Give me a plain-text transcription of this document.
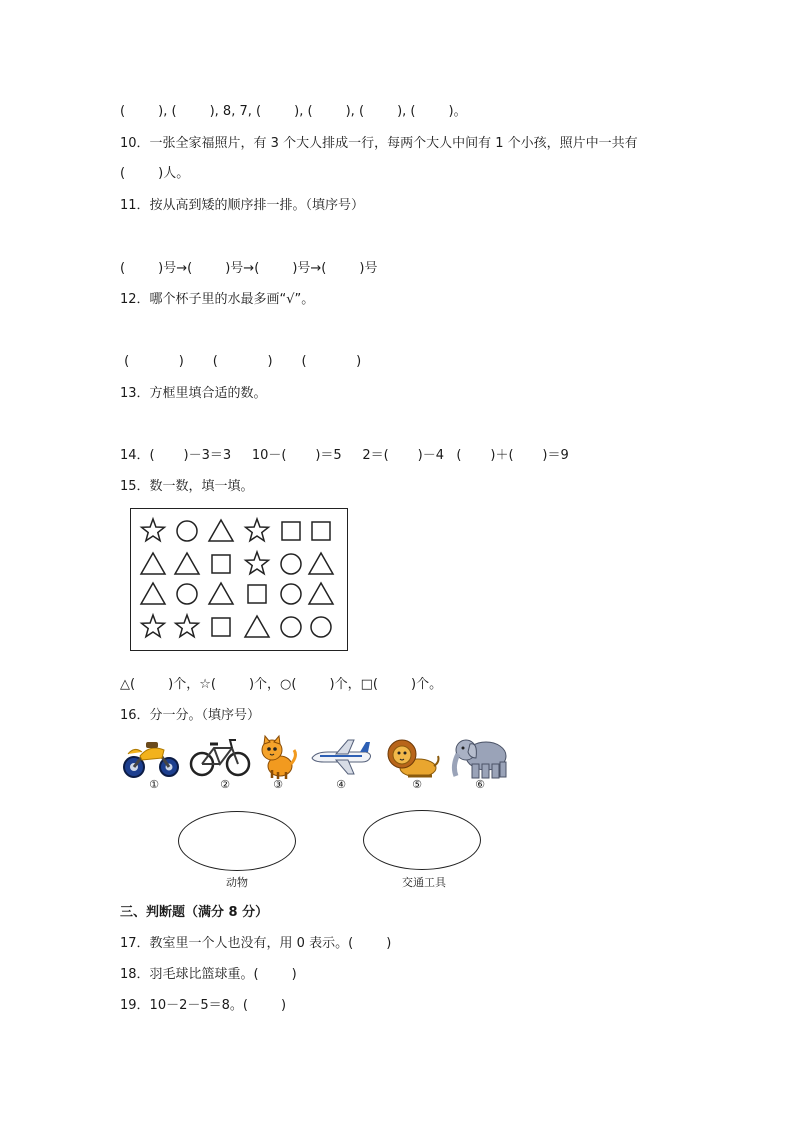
(        ), (        ), 8, 7, (        ), (        ), (        ), (        )。
10．一张全家福照片，有 3 个大人排成一行，每两个大人中间有 1 个小孩，照片中一共有
(        )人。
11．按从高到矮的顺序排一排。（填序号）
(        )号→(        )号→(        )号→(        )号
12．哪个杯子里的水最多画“√”。
(            )       (            )       (            )
13．方框里填合适的数。
14．(       )－3＝3     10－(       )＝5     2＝(       )－4   (       )＋(       )＝9
15．数一数，填一填。
△(        )个，☆(        )个，○(        )个，□(        )个。
16．分一分。（填序号）
①	②	③	④	⑤	⑥
动物	交通工具
三、判断题（满分 8 分）
17．教室里一个人也没有，用 0 表示。(        )
18．羽毛球比篮球重。(        )
19．10－2－5＝8。(        )
